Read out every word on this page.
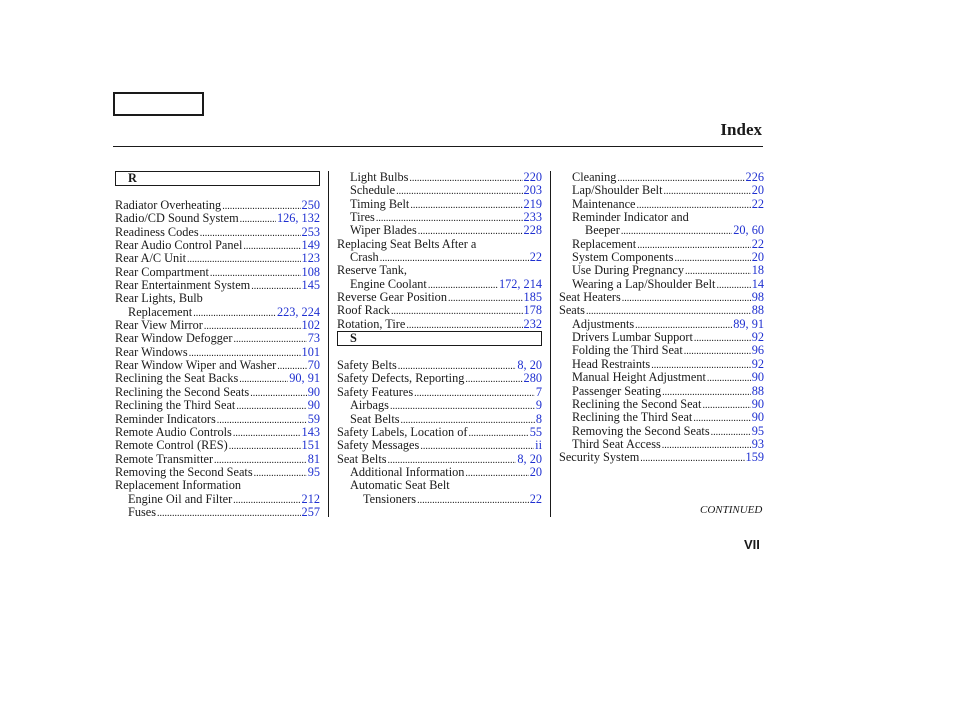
Index
R
Radiator Overheating .....	250
Radio/CD Sound System .....	126, 132
Readiness Codes .....	253
Rear Audio Control Panel .....	149
Rear A/C Unit .....	123
Rear Compartment .....	108
Rear Entertainment System .....	145
Rear Lights, Bulb
Replacement .....	223, 224
Rear View Mirror .....	102
Rear Window Defogger .....	73
Rear Windows .....	101
Rear Window Wiper and Washer .....	70
Reclining the Seat Backs .....	90, 91
Reclining the Second Seats .....	90
Reclining the Third Seat .....	90
Reminder Indicators .....	59
Remote Audio Controls .....	143
Remote Control (RES) .....	151
Remote Transmitter .....	81
Removing the Second Seats .....	95
Replacement Information
Engine Oil and Filter .....	212
Fuses .....	257
Light Bulbs .....	220
Schedule .....	203
Timing Belt .....	219
Tires .....	233
Wiper Blades .....	228
Replacing Seat Belts After a
Crash .....	22
Reserve Tank,
Engine Coolant .....	172, 214
Reverse Gear Position .....	185
Roof Rack .....	178
Rotation, Tire .....	232
S
Safety Belts .....	8, 20
Safety Defects, Reporting .....	280
Safety Features .....	7
Airbags .....	9
Seat Belts .....	8
Safety Labels, Location of .....	55
Safety Messages .....	ii
Seat Belts .....	8, 20
Additional Information .....	20
Automatic Seat Belt
Tensioners .....	22
Cleaning .....	226
Lap/Shoulder Belt .....	20
Maintenance .....	22
Reminder Indicator and
Beeper .....	20, 60
Replacement .....	22
System Components .....	20
Use During Pregnancy .....	18
Wearing a Lap/Shoulder Belt .....	14
Seat Heaters .....	98
Seats .....	88
Adjustments .....	89, 91
Drivers Lumbar Support .....	92
Folding the Third Seat .....	96
Head Restraints .....	92
Manual Height Adjustment .....	90
Passenger Seating .....	88
Reclining the Second Seat .....	90
Reclining the Third Seat .....	90
Removing the Second Seats .....	95
Third Seat Access .....	93
Security System .....	159
CONTINUED
VII
